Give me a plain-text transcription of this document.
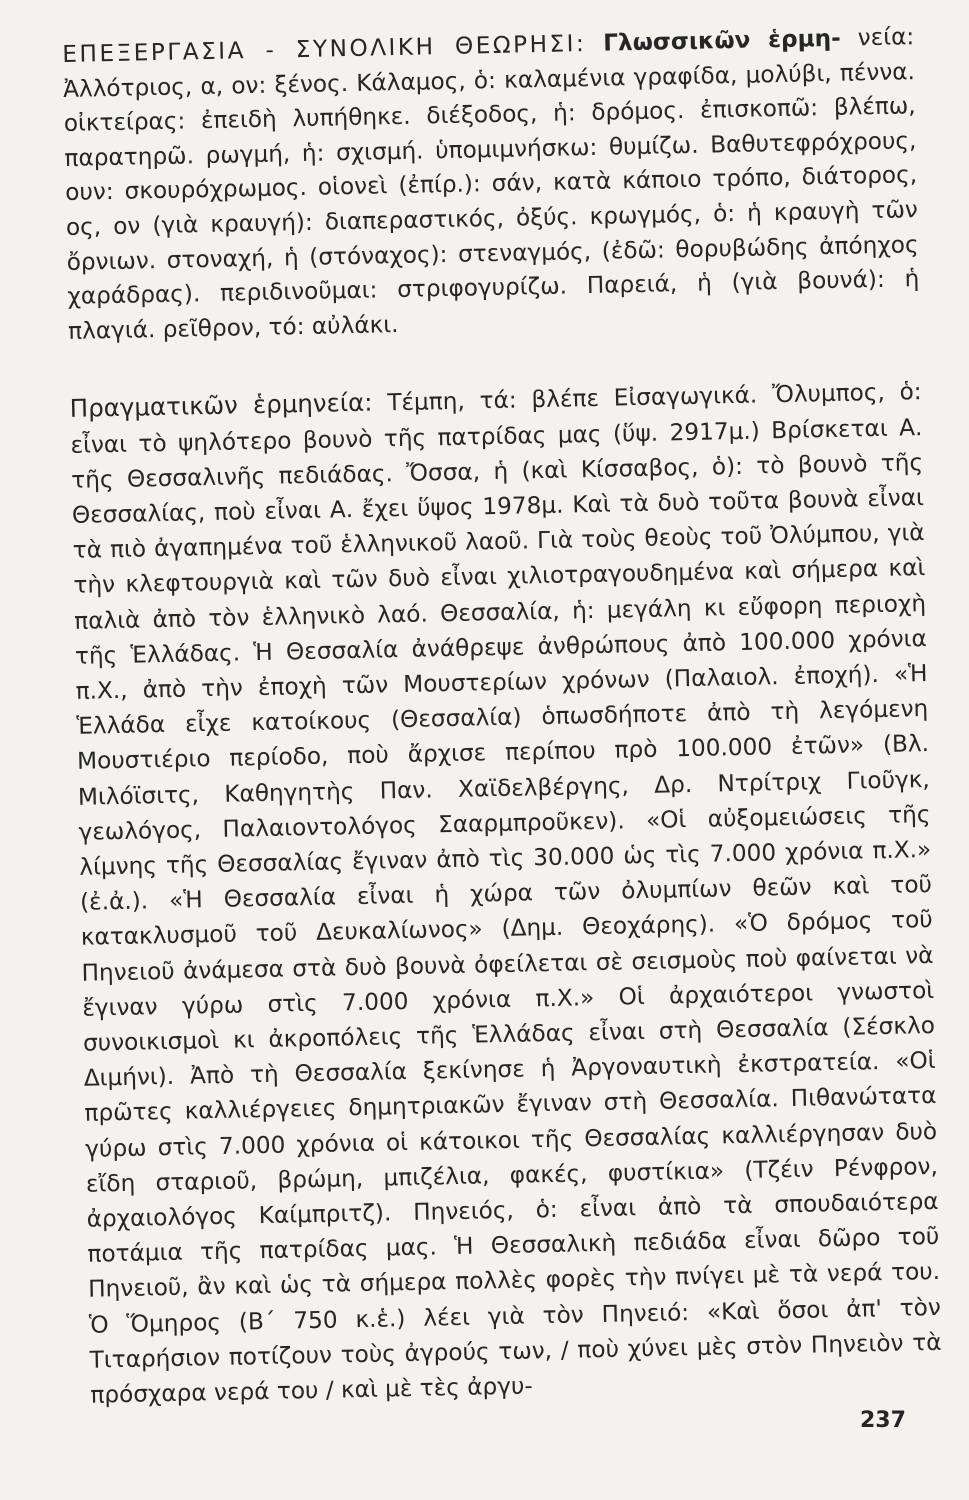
ΕΠΕΞΕΡΓΑΣΙΑ - ΣΥΝΟΛΙΚΗ ΘΕΩΡΗΣΙ: Γλωσσικῶν ἑρμη- νεία: Ἀλλότριος, α, ον: ξένος. Κάλαμος, ὁ: καλαμένια γραφίδα, μολύβι, πέννα. οἰκτείρας: ἐπειδὴ λυπήθηκε. διέξοδος, ἡ: δρόμος. ἐπισκοπῶ: βλέπω, παρατηρῶ. ρωγμή, ἡ: σχισμή. ὑπομιμνήσκω: θυμίζω. Βαθυτεφρόχρους, ουν: σκουρόχρωμος. οἱονεὶ (ἐπίρ.): σάν, κατὰ κάποιο τρόπο, διάτορος, ος, ον (γιὰ κραυγή): διαπεραστικός, ὀξύς. κρωγμός, ὁ: ἡ κραυγὴ τῶν ὄρνιων. στοναχή, ἡ (στόναχος): στεναγμός, (ἐδῶ: θορυβώδης ἀπόηχος χαράδρας). περιδινοῦμαι: στριφογυρίζω. Παρειά, ἡ (γιὰ βουνά): ἡ πλαγιά. ρεῖθρον, τό: αὐλάκι.

Πραγματικῶν ἑρμηνεία: Τέμπη, τά: βλέπε Εἰσαγωγικά. Ὄλυμπος, ὁ: εἶναι τὸ ψηλότερο βουνὸ τῆς πατρίδας μας (ὕψ. 2917μ.) Βρίσκεται Α. τῆς Θεσσαλινῆς πεδιάδας. Ὄσσα, ἡ (καὶ Κίσσαβος, ὁ): τὸ βουνὸ τῆς Θεσσαλίας, ποὺ εἶναι Α. ἔχει ὕψος 1978μ. Καὶ τὰ δυὸ τοῦτα βουνὰ εἶναι τὰ πιὸ ἀγαπημένα τοῦ ἑλληνικοῦ λαοῦ. Γιὰ τοὺς θεοὺς τοῦ Ὀλύμπου, γιὰ τὴν κλεφτουργιὰ καὶ τῶν δυὸ εἶναι χιλιοτραγουδημένα καὶ σήμερα καὶ παλιὰ ἀπὸ τὸν ἑλληνικὸ λαό. Θεσσαλία, ἡ: μεγάλη κι εὔφορη περιοχὴ τῆς Ἑλλάδας. Ἡ Θεσσαλία ἀνάθρεψε ἀνθρώπους ἀπὸ 100.000 χρόνια π.Χ., ἀπὸ τὴν ἐποχὴ τῶν Μουστερίων χρόνων (Παλαιολ. ἐποχή). «Ἡ Ἑλλάδα εἶχε κατοίκους (Θεσσαλία) ὁπωσδήποτε ἀπὸ τὴ λεγόμενη Μουστιέριο περίοδο, ποὺ ἄρχισε περίπου πρὸ 100.000 ἐτῶν» (Βλ. Μιλόϊσιτς, Καθηγητὴς Παν. Χαϊδελβέργης, Δρ. Ντρίτριχ Γιοῦγκ, γεωλόγος, Παλαιοντολόγος Σααρμπροῦκεν). «Οἱ αὐξομειώσεις τῆς λίμνης τῆς Θεσσαλίας ἔγιναν ἀπὸ τὶς 30.000 ὡς τὶς 7.000 χρόνια π.Χ.» (ἐ.ἀ.). «Ἡ Θεσσαλία εἶναι ἡ χώρα τῶν ὀλυμπίων θεῶν καὶ τοῦ κατακλυσμοῦ τοῦ Δευκαλίωνος» (Δημ. Θεοχάρης). «Ὁ δρόμος τοῦ Πηνειοῦ ἀνάμεσα στὰ δυὸ βουνὰ ὀφείλεται σὲ σεισμοὺς ποὺ φαίνεται νὰ ἔγιναν γύρω στὶς 7.000 χρόνια π.Χ.» Οἱ ἀρχαιότεροι γνωστοὶ συνοικισμοὶ κι ἀκροπόλεις τῆς Ἑλλάδας εἶναι στὴ Θεσσαλία (Σέσκλο Διμήνι). Ἀπὸ τὴ Θεσσαλία ξεκίνησε ἡ Ἀργοναυτικὴ ἐκστρατεία. «Οἱ πρῶτες καλλιέργειες δημητριακῶν ἔγιναν στὴ Θεσσαλία. Πιθανώτατα γύρω στὶς 7.000 χρόνια οἱ κάτοικοι τῆς Θεσσαλίας καλλιέργησαν δυὸ εἴδη σταριοῦ, βρώμη, μπιζέλια, φακές, φυστίκια» (Τζέιν Ρένφρον, ἀρχαιολόγος Καίμπριτζ). Πηνειός, ὁ: εἶναι ἀπὸ τὰ σπουδαιότερα ποτάμια τῆς πατρίδας μας. Ἡ Θεσσαλικὴ πεδιάδα εἶναι δῶρο τοῦ Πηνειοῦ, ἂν καὶ ὡς τὰ σήμερα πολλὲς φορὲς τὴν πνίγει μὲ τὰ νερά του. Ὁ Ὅμηρος (Β΄ 750 κ.ἑ.) λέει γιὰ τὸν Πηνειό: «Καὶ ὅσοι ἀπ' τὸν Τιταρήσιον ποτίζουν τοὺς ἀγρούς των, / ποὺ χύνει μὲς στὸν Πηνειὸν τὰ πρόσχαρα νερά του / καὶ μὲ τὲς ἀργυ-

237
